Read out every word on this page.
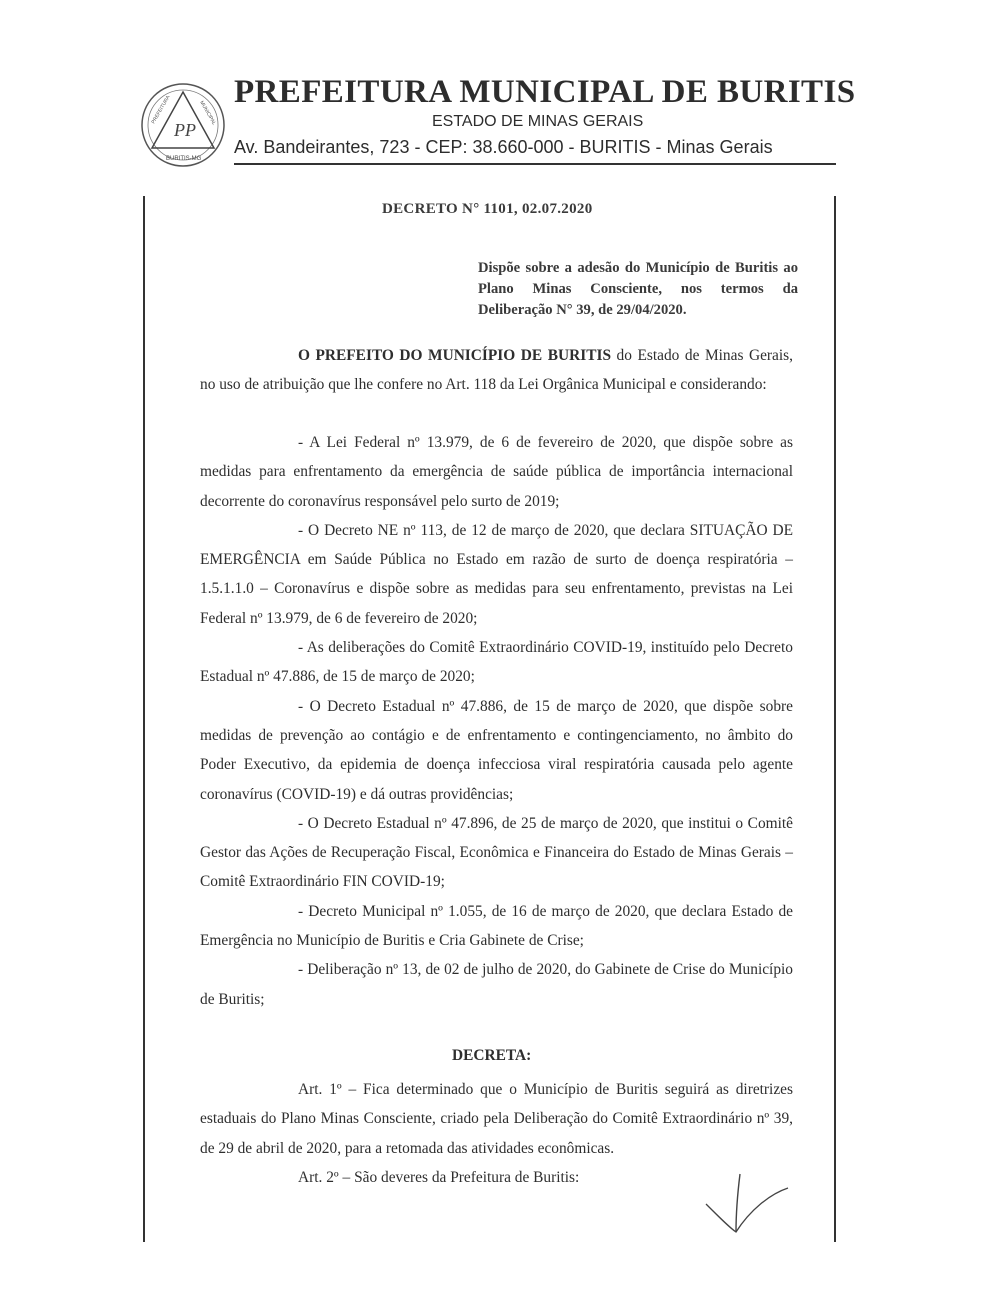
PP
BURITIS-MG
PREFEITURA	MUNICIPAL
PREFEITURA MUNICIPAL DE BURITIS
ESTADO DE MINAS GERAIS
Av. Bandeirantes, 723 - CEP: 38.660-000 - BURITIS - Minas Gerais
DECRETO N° 1101, 02.07.2020
Dispõe sobre a adesão do Município de Buritis ao Plano Minas Consciente, nos termos da Deliberação N° 39, de 29/04/2020.

O PREFEITO DO MUNICÍPIO DE BURITIS do Estado de Minas Gerais, no uso de atribuição que lhe confere no Art. 118 da Lei Orgânica Municipal e considerando:

- A Lei Federal nº 13.979, de 6 de fevereiro de 2020, que dispõe sobre as medidas para enfrentamento da emergência de saúde pública de importância internacional decorrente do coronavírus responsável pelo surto de 2019;

- O Decreto NE nº 113, de 12 de março de 2020, que declara SITUAÇÃO DE EMERGÊNCIA em Saúde Pública no Estado em razão de surto de doença respiratória – 1.5.1.1.0 – Coronavírus e dispõe sobre as medidas para seu enfrentamento, previstas na Lei Federal nº 13.979, de 6 de fevereiro de 2020;

- As deliberações do Comitê Extraordinário COVID-19, instituído pelo Decreto Estadual nº 47.886, de 15 de março de 2020;

- O Decreto Estadual nº 47.886, de 15 de março de 2020, que dispõe sobre medidas de prevenção ao contágio e de enfrentamento e contingenciamento, no âmbito do Poder Executivo, da epidemia de doença infecciosa viral respiratória causada pelo agente coronavírus (COVID-19) e dá outras providências;

- O Decreto Estadual nº 47.896, de 25 de março de 2020, que institui o Comitê Gestor das Ações de Recuperação Fiscal, Econômica e Financeira do Estado de Minas Gerais – Comitê Extraordinário FIN COVID-19;

- Decreto Municipal nº 1.055, de 16 de março de 2020, que declara Estado de Emergência no Município de Buritis e Cria Gabinete de Crise;

- Deliberação nº 13, de 02 de julho de 2020, do Gabinete de Crise do Município de Buritis;

DECRETA:

Art. 1º – Fica determinado que o Município de Buritis seguirá as diretrizes estaduais do Plano Minas Consciente, criado pela Deliberação do Comitê Extraordinário nº 39, de 29 de abril de 2020, para a retomada das atividades econômicas.

Art. 2º – São deveres da Prefeitura de Buritis:
